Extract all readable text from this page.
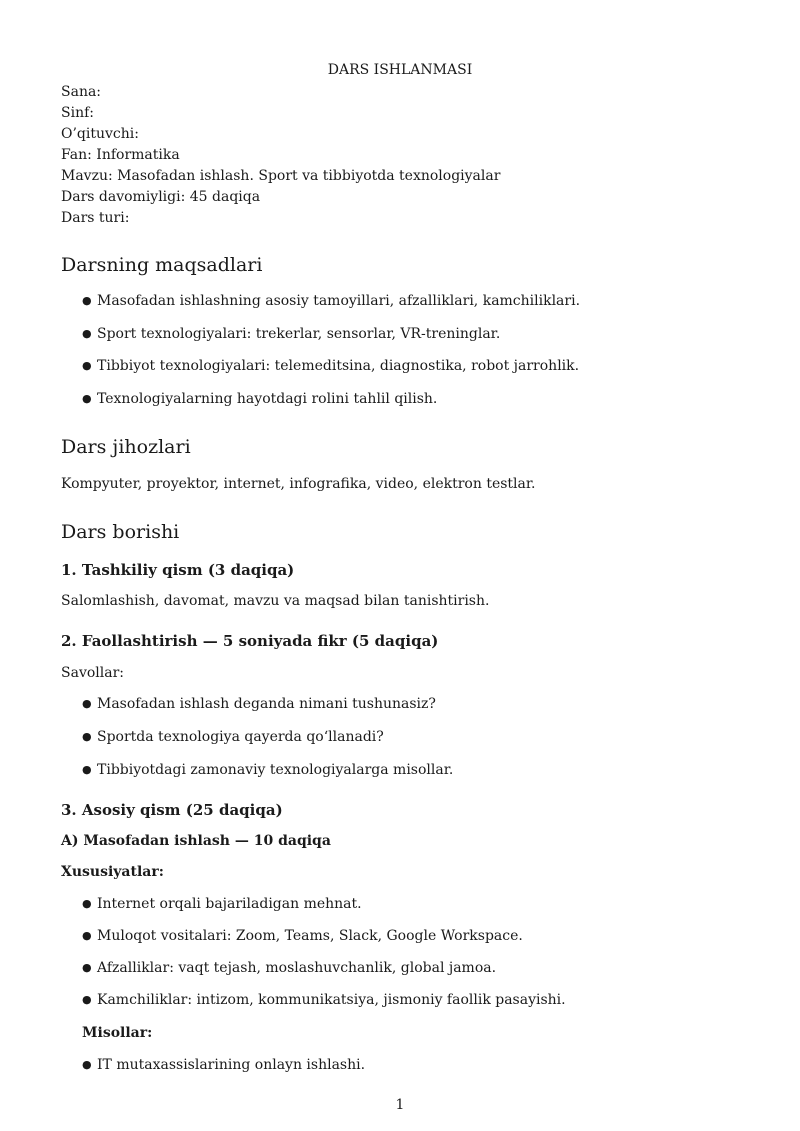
DARS ISHLANMASI
Sana:
Sinf:
O’qituvchi:
Fan: Informatika
Mavzu: Masofadan ishlash. Sport va tibbiyotda texnologiyalar
Dars davomiyligi: 45 daqiqa
Dars turi:
Darsning maqsadlari
● Masofadan ishlashning asosiy tamoyillari, afzalliklari, kamchiliklari.
● Sport texnologiyalari: trekerlar, sensorlar, VR-treninglar.
● Tibbiyot texnologiyalari: telemeditsina, diagnostika, robot jarrohlik.
● Texnologiyalarning hayotdagi rolini tahlil qilish.
Dars jihozlari
Kompyuter, proyektor, internet, infografika, video, elektron testlar.
Dars borishi
1. Tashkiliy qism (3 daqiqa)
Salomlashish, davomat, mavzu va maqsad bilan tanishtirish.
2. Faollashtirish — 5 soniyada fikr (5 daqiqa)
Savollar:
● Masofadan ishlash deganda nimani tushunasiz?
● Sportda texnologiya qayerda qo‘llanadi?
● Tibbiyotdagi zamonaviy texnologiyalarga misollar.
3. Asosiy qism (25 daqiqa)
A) Masofadan ishlash — 10 daqiqa
Xususiyatlar:
● Internet orqali bajariladigan mehnat.
● Muloqot vositalari: Zoom, Teams, Slack, Google Workspace.
● Afzalliklar: vaqt tejash, moslashuvchanlik, global jamoa.
● Kamchiliklar: intizom, kommunikatsiya, jismoniy faollik pasayishi.
Misollar:
● IT mutaxassislarining onlayn ishlashi.
1
